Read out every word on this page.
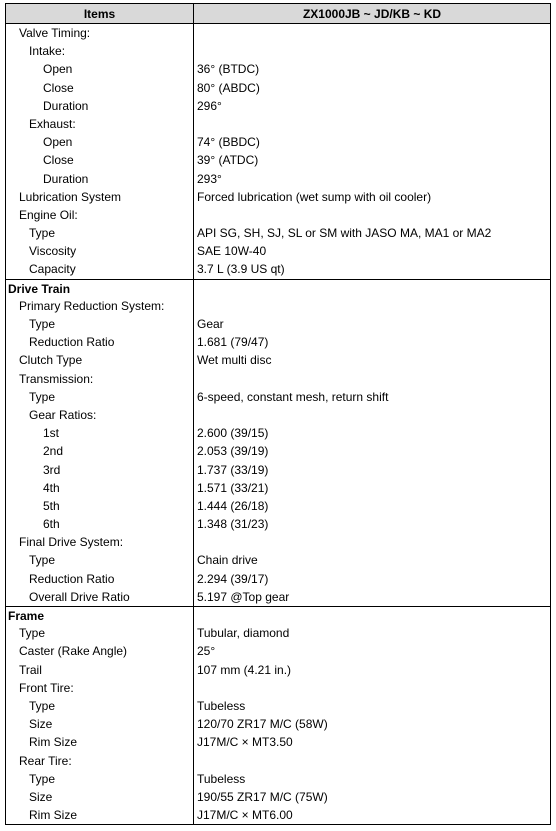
Items	ZX1000JB ~ JD/KB ~ KD
Valve Timing:
Intake:
Open	36° (BTDC)
Close	80° (ABDC)
Duration	296°
Exhaust:
Open	74° (BBDC)
Close	39° (ATDC)
Duration	293°
Lubrication System	Forced lubrication (wet sump with oil cooler)
Engine Oil:
Type	API SG, SH, SJ, SL or SM with JASO MA, MA1 or MA2
Viscosity	SAE 10W-40
Capacity	3.7 L (3.9 US qt)
Drive Train
Primary Reduction System:
Type	Gear
Reduction Ratio	1.681 (79/47)
Clutch Type	Wet multi disc
Transmission:
Type	6-speed, constant mesh, return shift
Gear Ratios:
1st	2.600 (39/15)
2nd	2.053 (39/19)
3rd	1.737 (33/19)
4th	1.571 (33/21)
5th	1.444 (26/18)
6th	1.348 (31/23)
Final Drive System:
Type	Chain drive
Reduction Ratio	2.294 (39/17)
Overall Drive Ratio	5.197 @Top gear
Frame
Type	Tubular, diamond
Caster (Rake Angle)	25°
Trail	107 mm (4.21 in.)
Front Tire:
Type	Tubeless
Size	120/70 ZR17 M/C (58W)
Rim Size	J17M/C × MT3.50
Rear Tire:
Type	Tubeless
Size	190/55 ZR17 M/C (75W)
Rim Size	J17M/C × MT6.00
